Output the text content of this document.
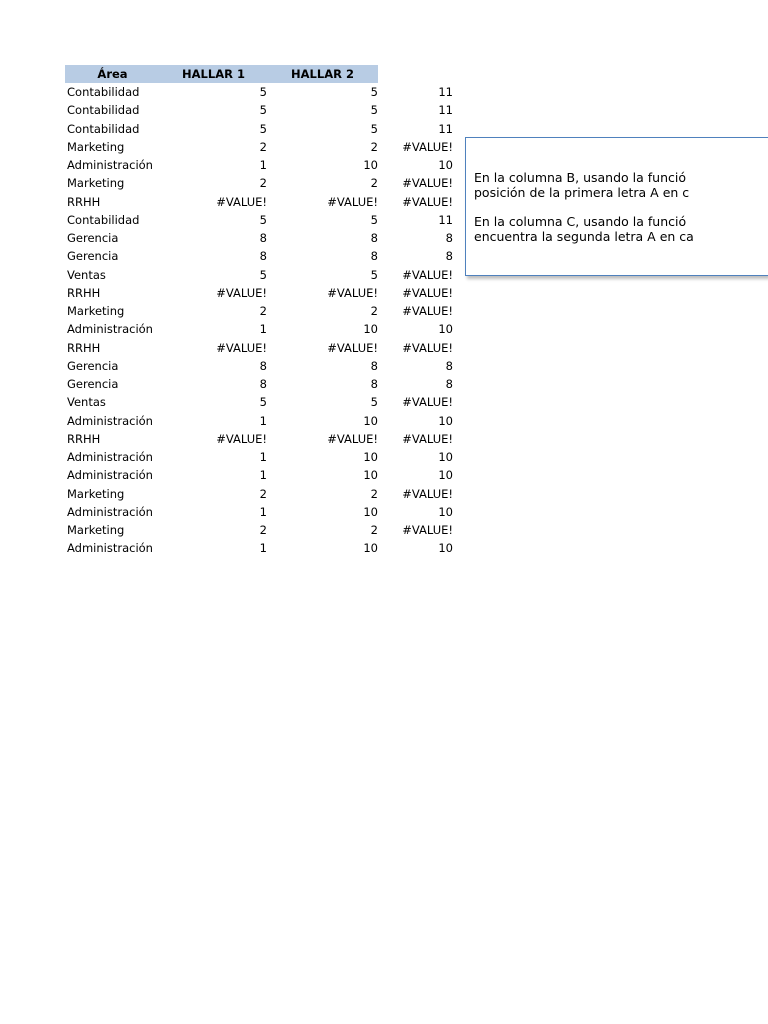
Área	HALLAR 1	HALLAR 2
Contabilidad	5	5	11
Contabilidad	5	5	11
Contabilidad	5	5	11
Marketing	2	2	#VALUE!
Administración	1	10	10
Marketing	2	2	#VALUE!
RRHH	#VALUE!	#VALUE!	#VALUE!
Contabilidad	5	5	11
Gerencia	8	8	8
Gerencia	8	8	8
Ventas	5	5	#VALUE!
RRHH	#VALUE!	#VALUE!	#VALUE!
Marketing	2	2	#VALUE!
Administración	1	10	10
RRHH	#VALUE!	#VALUE!	#VALUE!
Gerencia	8	8	8
Gerencia	8	8	8
Ventas	5	5	#VALUE!
Administración	1	10	10
RRHH	#VALUE!	#VALUE!	#VALUE!
Administración	1	10	10
Administración	1	10	10
Marketing	2	2	#VALUE!
Administración	1	10	10
Marketing	2	2	#VALUE!
Administración	1	10	10
En la columna B, usando la funció
posición de la primera letra A en c
En la columna C, usando la funció
encuentra la segunda letra A en ca
